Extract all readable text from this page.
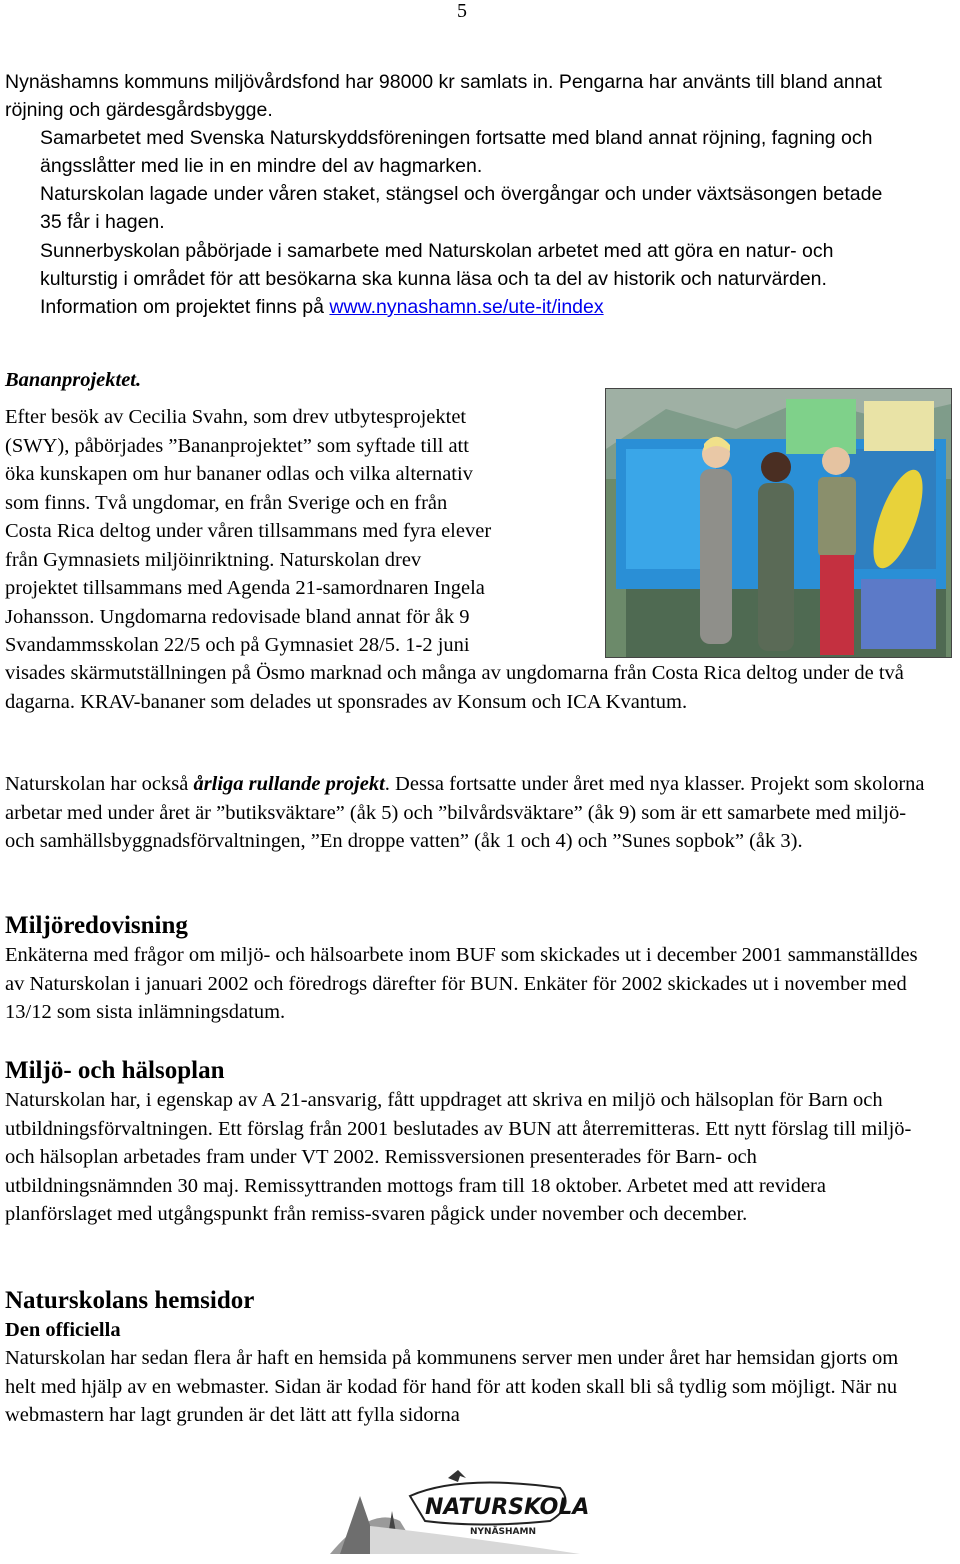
5

Nynäshamns kommuns miljövårdsfond har 98000 kr samlats in. Pengarna har använts till bland annat röjning och gärdesgårdsbygge.
Samarbetet med Svenska Naturskyddsföreningen fortsatte med bland annat röjning, fagning och ängsslåtter med lie in en mindre del av hagmarken.
Naturskolan lagade under våren staket, stängsel och övergångar och under växtsäsongen betade 35 får i hagen.

Sunnerbyskolan påbörjade i samarbete med Naturskolan arbetet med att göra en natur- och kulturstig i området för att besökarna ska kunna läsa och ta del av historik och naturvärden.
Information om projektet finns på www.nynashamn.se/ute-it/index

Bananprojektet.
Efter besök av Cecilia Svahn, som drev utbytesprojektet
(SWY), påbörjades ”Bananprojektet” som syftade till att
öka kunskapen om hur bananer odlas och vilka alternativ
som finns. Två ungdomar, en från Sverige och en från
Costa Rica deltog under våren tillsammans med fyra elever
från Gymnasiets miljöinriktning. Naturskolan drev
projektet tillsammans med Agenda 21-samordnaren Ingela
Johansson. Ungdomarna redovisade bland annat för åk 9
Svandammsskolan 22/5 och på Gymnasiet 28/5. 1-2 juni
visades skärmutställningen på Ösmo marknad och många av ungdomarna från Costa Rica deltog under de två dagarna. KRAV-bananer som delades ut sponsrades av Konsum och ICA Kvantum.
Naturskolan har också årliga rullande projekt. Dessa fortsatte under året med nya klasser. Projekt som skolorna arbetar med under året är ”butiksväktare” (åk 5) och ”bilvårdsväktare” (åk 9) som är ett samarbete med miljö- och samhällsbyggnadsförvaltningen, ”En droppe vatten” (åk 1 och 4) och ”Sunes sopbok” (åk 3).
Miljöredovisning
Enkäterna med frågor om miljö- och hälsoarbete inom BUF som skickades ut i december 2001 sammanställdes av Naturskolan i januari 2002 och föredrogs därefter för BUN. Enkäter för 2002 skickades ut i november med 13/12 som sista inlämningsdatum.
Miljö- och hälsoplan
Naturskolan har, i egenskap av A 21-ansvarig, fått uppdraget att skriva en miljö och hälsoplan för Barn och utbildningsförvaltningen. Ett förslag från 2001 beslutades av BUN att återremitteras. Ett nytt förslag till miljö- och hälsoplan arbetades fram under VT 2002. Remissversionen presenterades för Barn- och utbildningsnämnden 30 maj. Remissyttranden mottogs fram till 18 oktober. Arbetet med att revidera planförslaget med utgångspunkt från remiss-svaren pågick under november och december.
Naturskolans hemsidor
Den officiella
Naturskolan har sedan flera år haft en hemsida på kommunens server men under året har hemsidan gjorts om helt med hjälp av en webmaster. Sidan är kodad för hand för att koden skall bli så tydlig som möjligt. När nu webmastern har lagt grunden är det lätt att fylla sidorna
NATURSKOLAN
NYNÄSHAMN
